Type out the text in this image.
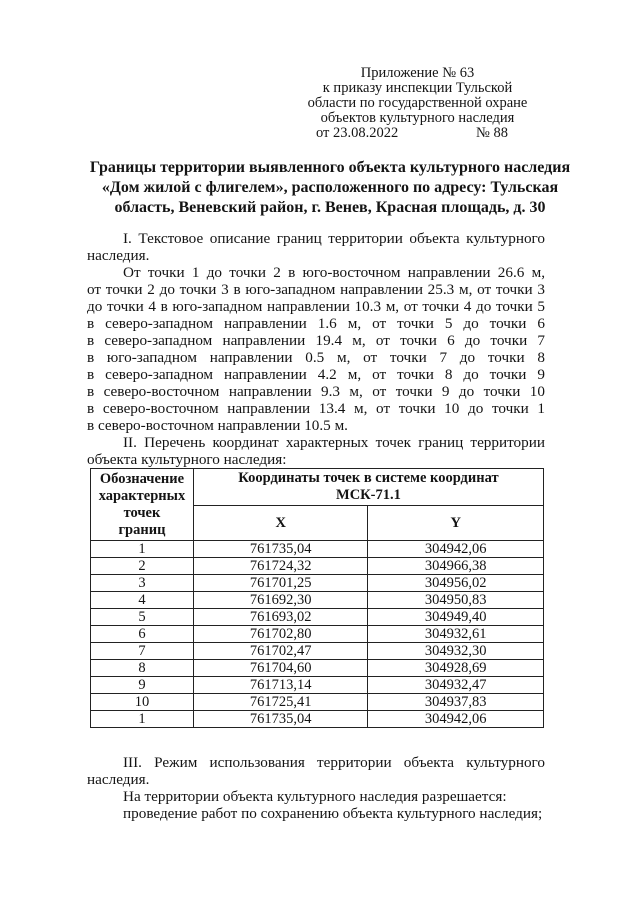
Приложение № 63
к приказу инспекции Тульской
области по государственной охране
объектов культурного наследия
от 23.08.2022	№ 88
Границы территории выявленного объекта культурного наследия
«Дом жилой с флигелем», расположенного по адресу: Тульская
область, Веневский район, г. Венев, Красная площадь, д. 30
I. Текстовое описание границ территории объекта культурного
наследия.
От точки 1 до точки 2 в юго-восточном направлении 26.6 м,
от точки 2 до точки 3 в юго-западном направлении 25.3 м, от точки 3
до точки 4 в юго-западном направлении 10.3 м, от точки 4 до точки 5
в северо-западном направлении 1.6 м, от точки 5 до точки 6
в северо-западном направлении 19.4 м, от точки 6 до точки 7
в юго-западном направлении 0.5 м, от точки 7 до точки 8
в северо-западном направлении 4.2 м, от точки 8 до точки 9
в северо-восточном направлении 9.3 м, от точки 9 до точки 10
в северо-восточном направлении 13.4 м, от точки 10 до точки 1
в северо-восточном направлении 10.5 м.
II. Перечень координат характерных точек границ территории
объекта культурного наследия:
Обозначение
характерных
точек
границ	Координаты точек в системе координат
МСК-71.1	
	X	Y
1	761735,04	304942,06
2	761724,32	304966,38
3	761701,25	304956,02
4	761692,30	304950,83
5	761693,02	304949,40
6	761702,80	304932,61
7	761702,47	304932,30
8	761704,60	304928,69
9	761713,14	304932,47
10	761725,41	304937,83
1	761735,04	304942,06
III. Режим использования территории объекта культурного
наследия.
На территории объекта культурного наследия разрешается:
проведение работ по сохранению объекта культурного наследия;
